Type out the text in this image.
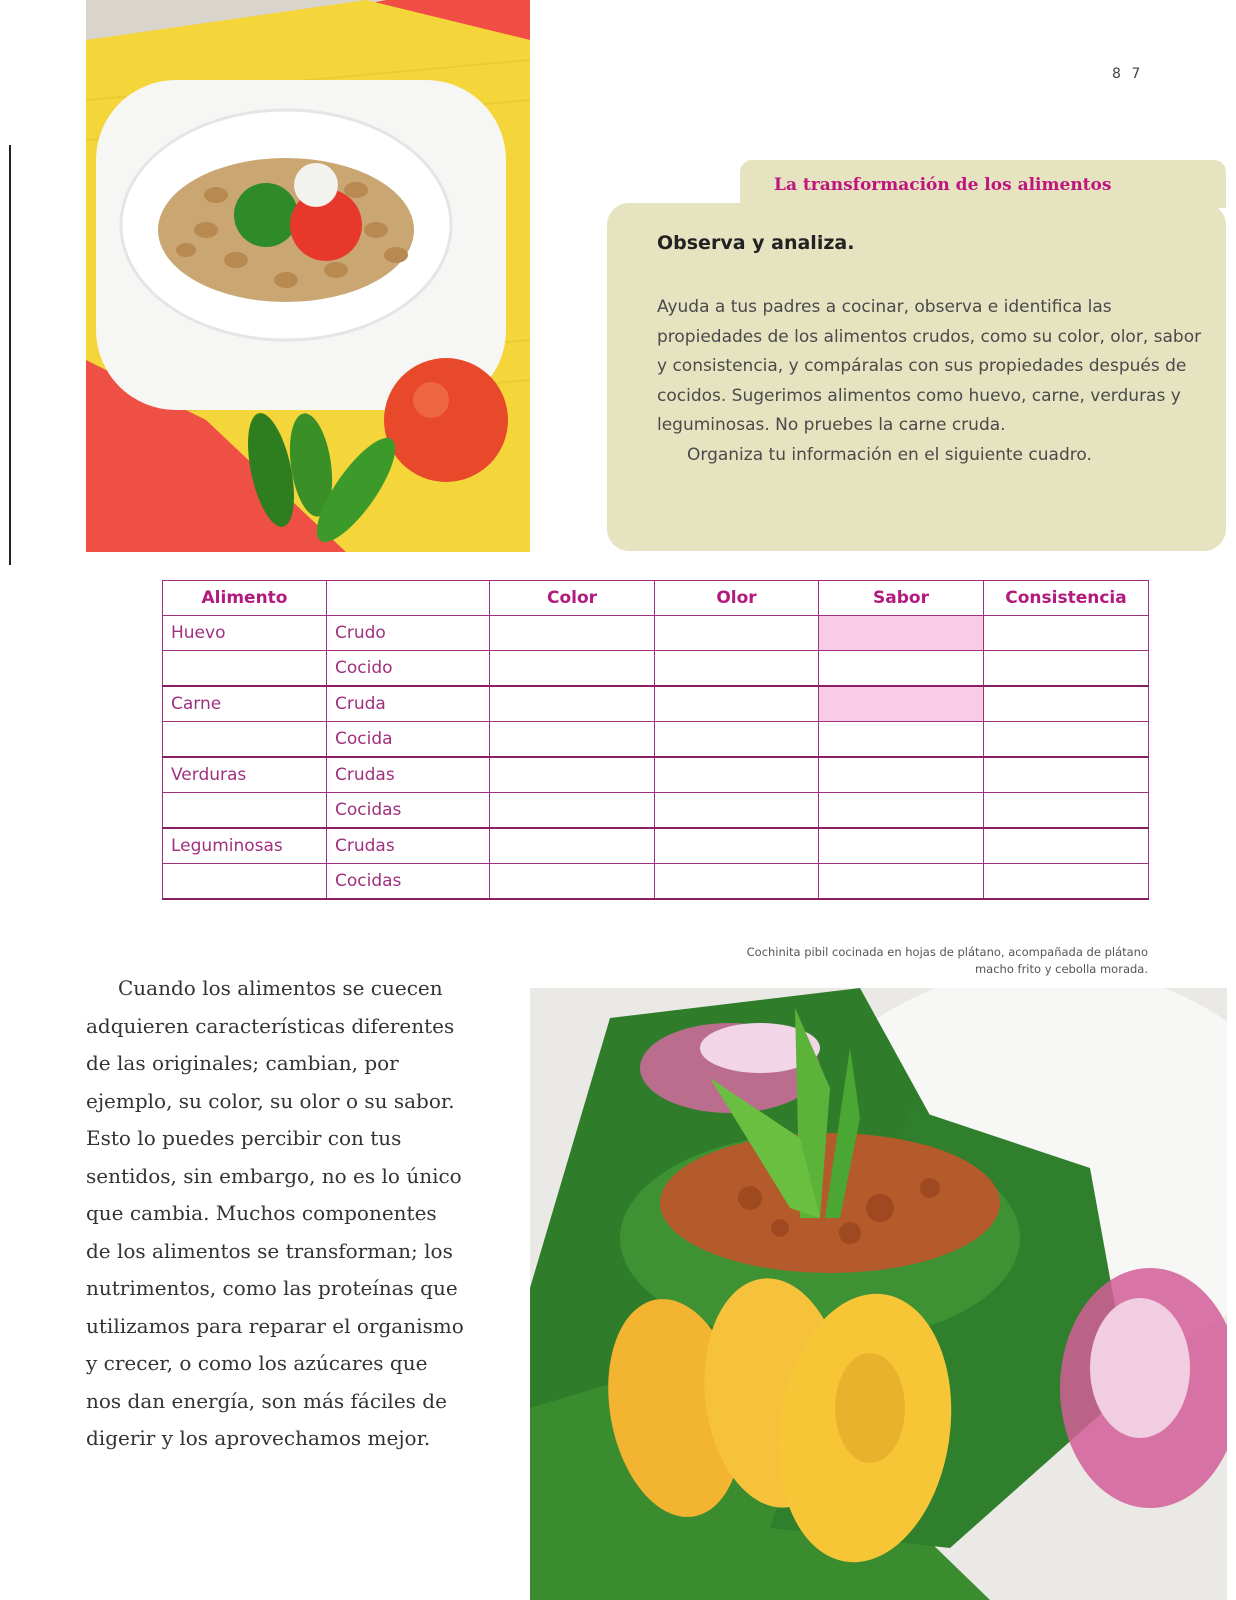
8 7
La transformación de los alimentos
Observa y analiza.

Ayuda a tus padres a cocinar, observa e identifica las propiedades de los alimentos crudos, como su color, olor, sabor y consistencia, y compáralas con sus propiedades después de cocidos. Sugerimos alimentos como huevo, carne, verduras y leguminosas. No pruebes la carne cruda.

Organiza tu información en el siguiente cuadro.

Alimento		Color	Olor	Sabor	Consistencia
Huevo	Crudo				
	Cocido				
Carne	Cruda				
	Cocida				
Verduras	Crudas				
	Cocidas				
Leguminosas	Crudas				
	Cocidas				
Cochinita pibil cocinada en hojas de plátano, acompañada de plátano
macho frito y cebolla morada.
Cuando los alimentos se cuecen
adquieren características diferentes
de las originales; cambian, por
ejemplo, su color, su olor o su sabor.
Esto lo puedes percibir con tus
sentidos, sin embargo, no es lo único
que cambia. Muchos componentes
de los alimentos se transforman; los
nutrimentos, como las proteínas que
utilizamos para reparar el organismo
y crecer, o como los azúcares que
nos dan energía, son más fáciles de
digerir y los aprovechamos mejor.
